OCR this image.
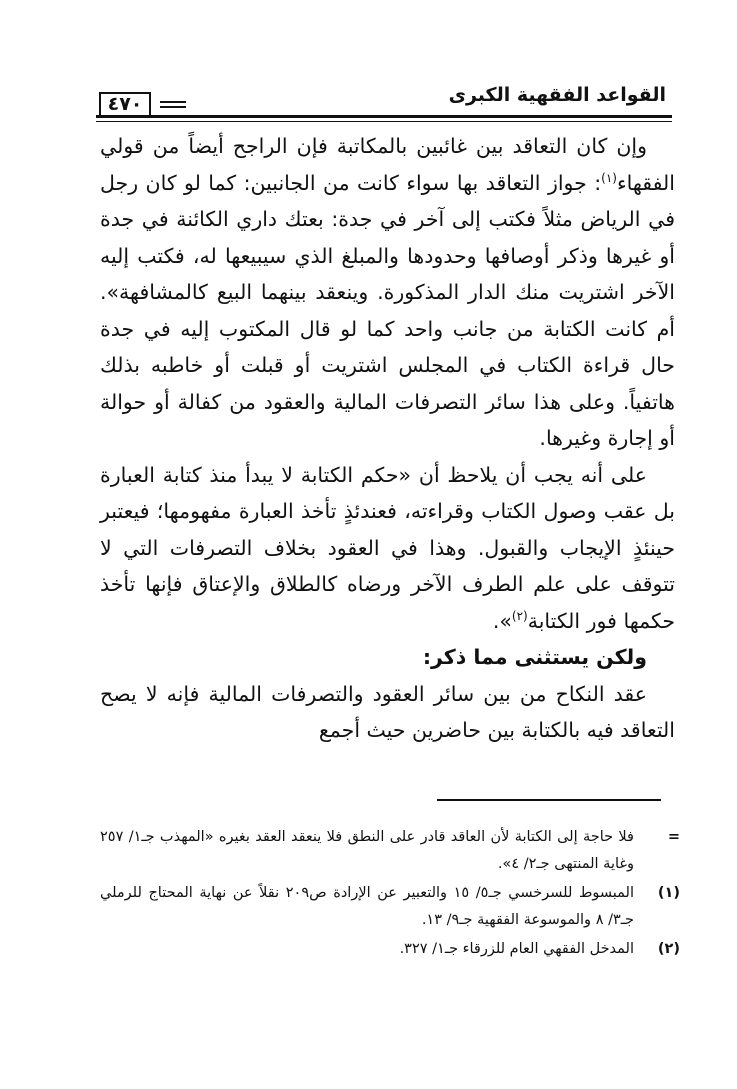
٤٧٠	القواعد الفقهية الكبرى

وإن كان التعاقد بين غائبين بالمكاتبة فإن الراجح أيضاً من قولي الفقهاء$^{(١)}$: جواز التعاقد بها سواء كانت من الجانبين: كما لو كان رجل في الرياض مثلاً فكتب إلى آخر في جدة: بعتك داري الكائنة في جدة أو غيرها وذكر أوصافها وحدودها والمبلغ الذي سيبيعها له، فكتب إليه الآخر اشتريت منك الدار المذكورة. وينعقد بينهما البيع كالمشافهة». أم كانت الكتابة من جانب واحد كما لو قال المكتوب إليه في جدة حال قراءة الكتاب في المجلس اشتريت أو قبلت أو خاطبه بذلك هاتفياً. وعلى هذا سائر التصرفات المالية والعقود من كفالة أو حوالة أو إجارة وغيرها.

على أنه يجب أن يلاحظ أن «حكم الكتابة لا يبدأ منذ كتابة العبارة بل عقب وصول الكتاب وقراءته، فعندئذٍ تأخذ العبارة مفهومها؛ فيعتبر حينئذٍ الإيجاب والقبول. وهذا في العقود بخلاف التصرفات التي لا تتوقف على علم الطرف الآخر ورضاه كالطلاق والإعتاق فإنها تأخذ حكمها فور الكتابة$^{(٢)}$».

ولكن يستثنى مما ذكر:

عقد النكاح من بين سائر العقود والتصرفات المالية فإنه لا يصح التعاقد فيه بالكتابة بين حاضرين حيث أجمع

=
فلا حاجة إلى الكتابة لأن العاقد قادر على النطق فلا ينعقد العقد بغيره «المهذب جـ١/ ٢٥٧ وغاية المنتهى جـ٢/ ٤».
(١)
المبسوط للسرخسي جـ٥/ ١٥ والتعبير عن الإرادة ص٢٠٩ نقلاً عن نهاية المحتاج للرملي جـ٣/ ٨ والموسوعة الفقهية جـ٩/ ١٣.
(٢)
المدخل الفقهي العام للزرقاء جـ١/ ٣٢٧.
